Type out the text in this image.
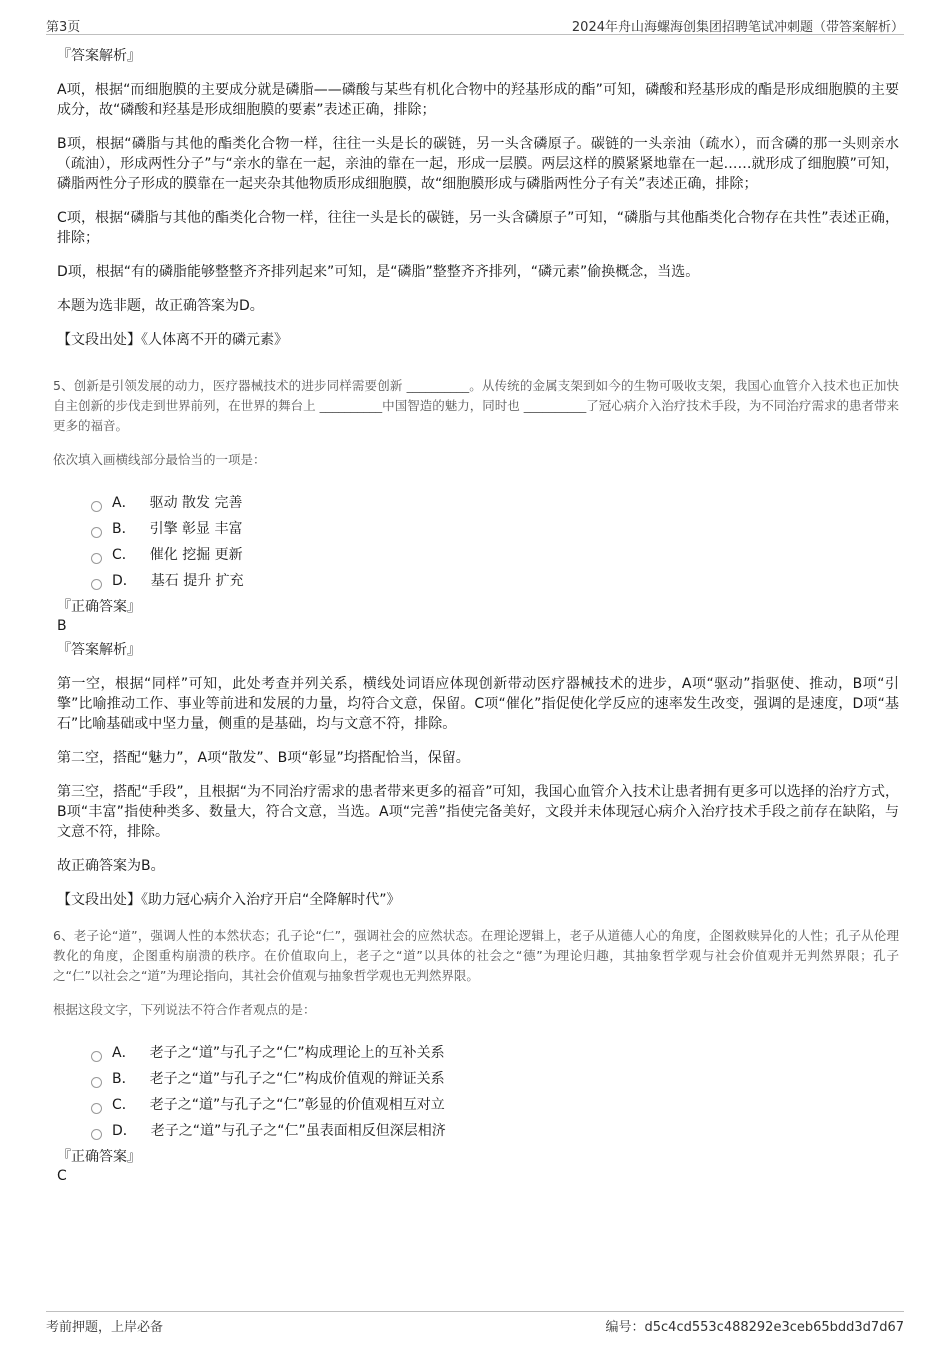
第3页	2024年舟山海螺海创集团招聘笔试冲刺题（带答案解析）
『答案解析』

A项，根据“而细胞膜的主要成分就是磷脂——磷酸与某些有机化合物中的羟基形成的酯”可知，磷酸和羟基形成的酯是形成细胞膜的主要成分，故“磷酸和羟基是形成细胞膜的要素”表述正确，排除；

B项，根据“磷脂与其他的酯类化合物一样，往往一头是长的碳链，另一头含磷原子。碳链的一头亲油（疏水），而含磷的那一头则亲水（疏油），形成两性分子”与“亲水的靠在一起，亲油的靠在一起，形成一层膜。两层这样的膜紧紧地靠在一起……就形成了细胞膜”可知，磷脂两性分子形成的膜靠在一起夹杂其他物质形成细胞膜，故“细胞膜形成与磷脂两性分子有关”表述正确，排除；

C项，根据“磷脂与其他的酯类化合物一样，往往一头是长的碳链，另一头含磷原子”可知，“磷脂与其他酯类化合物存在共性”表述正确，排除；

D项，根据“有的磷脂能够整整齐齐排列起来”可知，是“磷脂”整整齐齐排列，“磷元素”偷换概念，当选。

本题为选非题，故正确答案为D。

【文段出处】《人体离不开的磷元素》

5、创新是引领发展的动力，医疗器械技术的进步同样需要创新 __________。从传统的金属支架到如今的生物可吸收支架，我国心血管介入技术也正加快自主创新的步伐走到世界前列，在世界的舞台上 __________中国智造的魅力，同时也 __________了冠心病介入治疗技术手段，为不同治疗需求的患者带来更多的福音。

依次填入画横线部分最恰当的一项是：

A． 驱动 散发 完善
B． 引擎 彰显 丰富
C． 催化 挖掘 更新
D． 基石 提升 扩充
『正确答案』
B
『答案解析』

第一空，根据“同样”可知，此处考查并列关系，横线处词语应体现创新带动医疗器械技术的进步，A项“驱动”指驱使、推动，B项“引擎”比喻推动工作、事业等前进和发展的力量，均符合文意，保留。C项“催化”指促使化学反应的速率发生改变，强调的是速度，D项“基石”比喻基础或中坚力量，侧重的是基础，均与文意不符，排除。

第二空，搭配“魅力”，A项“散发”、B项“彰显”均搭配恰当，保留。

第三空，搭配“手段”，且根据“为不同治疗需求的患者带来更多的福音”可知，我国心血管介入技术让患者拥有更多可以选择的治疗方式，B项“丰富”指使种类多、数量大，符合文意，当选。A项“完善”指使完备美好，文段并未体现冠心病介入治疗技术手段之前存在缺陷，与文意不符，排除。

故正确答案为B。

【文段出处】《助力冠心病介入治疗开启“全降解时代”》

6、老子论“道”，强调人性的本然状态；孔子论“仁”，强调社会的应然状态。在理论逻辑上，老子从道德人心的角度，企图救赎异化的人性；孔子从伦理教化的角度，企图重构崩溃的秩序。在价值取向上，老子之“道”以具体的社会之“德”为理论归趣，其抽象哲学观与社会价值观并无判然界限；孔子之“仁”以社会之“道”为理论指向，其社会价值观与抽象哲学观也无判然界限。

根据这段文字，下列说法不符合作者观点的是：

A． 老子之“道”与孔子之“仁”构成理论上的互补关系
B． 老子之“道”与孔子之“仁”构成价值观的辩证关系
C． 老子之“道”与孔子之“仁”彰显的价值观相互对立
D． 老子之“道”与孔子之“仁”虽表面相反但深层相济
『正确答案』
C
考前押题，上岸必备	编号：d5c4cd553c488292e3ceb65bdd3d7d67
